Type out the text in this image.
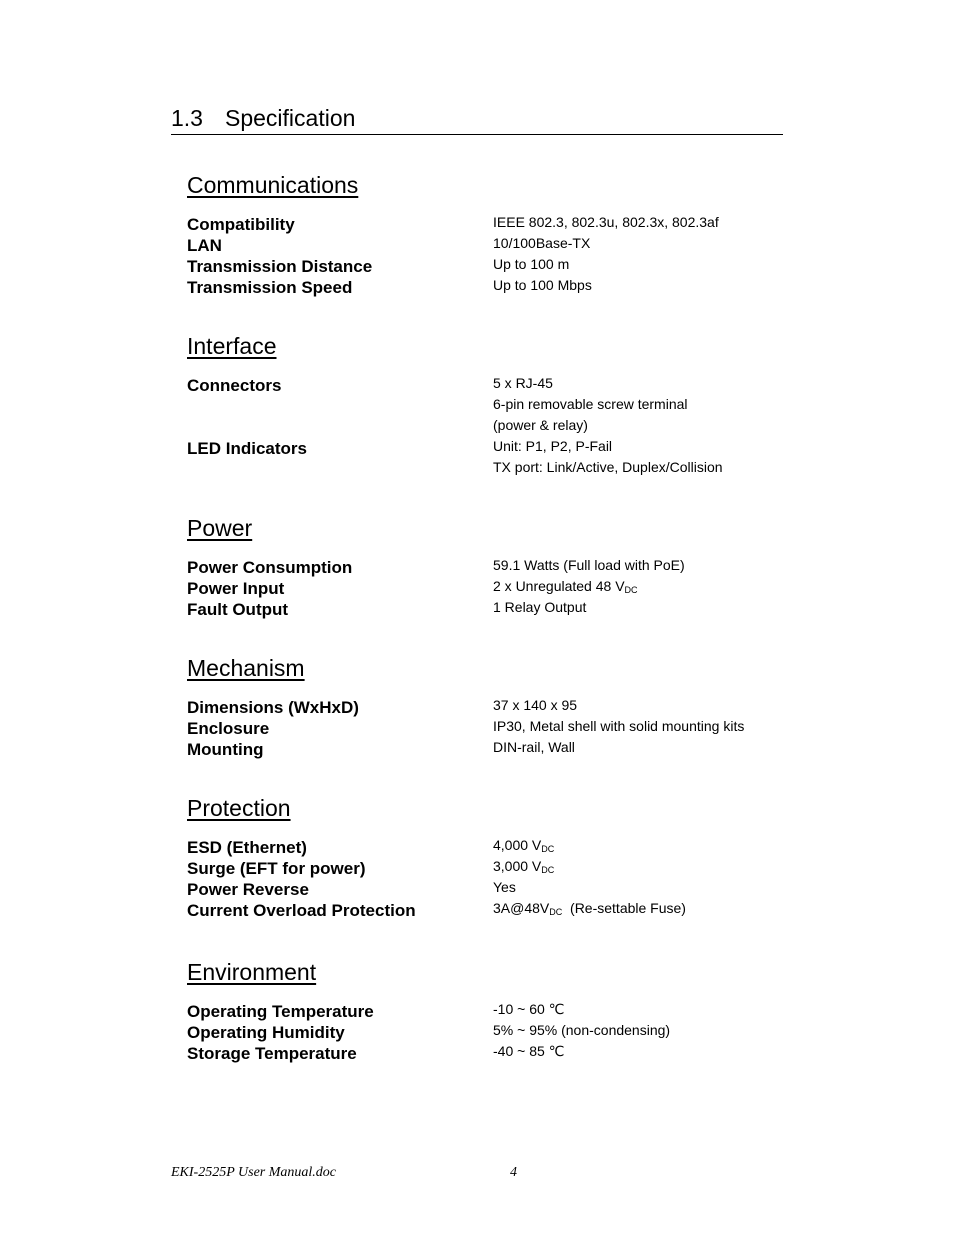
1.3 Specification
Communications
Compatibility	IEEE 802.3, 802.3u, 802.3x, 802.3af
LAN	10/100Base-TX
Transmission Distance	Up to 100 m
Transmission Speed	Up to 100 Mbps
Interface
Connectors	5 x RJ-45
6-pin removable screw terminal
(power & relay)
LED Indicators	Unit: P1, P2, P-Fail
TX port: Link/Active, Duplex/Collision
Power
Power Consumption	59.1 Watts (Full load with PoE)
Power Input	2 x Unregulated 48 $V_{DC}$
Fault Output	1 Relay Output
Mechanism
Dimensions (WxHxD)	37 x 140 x 95
Enclosure	IP30, Metal shell with solid mounting kits
Mounting	DIN-rail, Wall
Protection
ESD (Ethernet)	4,000 $V_{DC}$
Surge (EFT for power)	3,000 $V_{DC}$
Power Reverse	Yes
Current Overload Protection	$3A@48V_{DC}$  (Re-settable Fuse)
Environment
Operating Temperature	-10 ~ 60 ℃
Operating Humidity	5% ~ 95% (non-condensing)
Storage Temperature	-40 ~ 85 ℃
EKI-2525P User Manual.doc	4
